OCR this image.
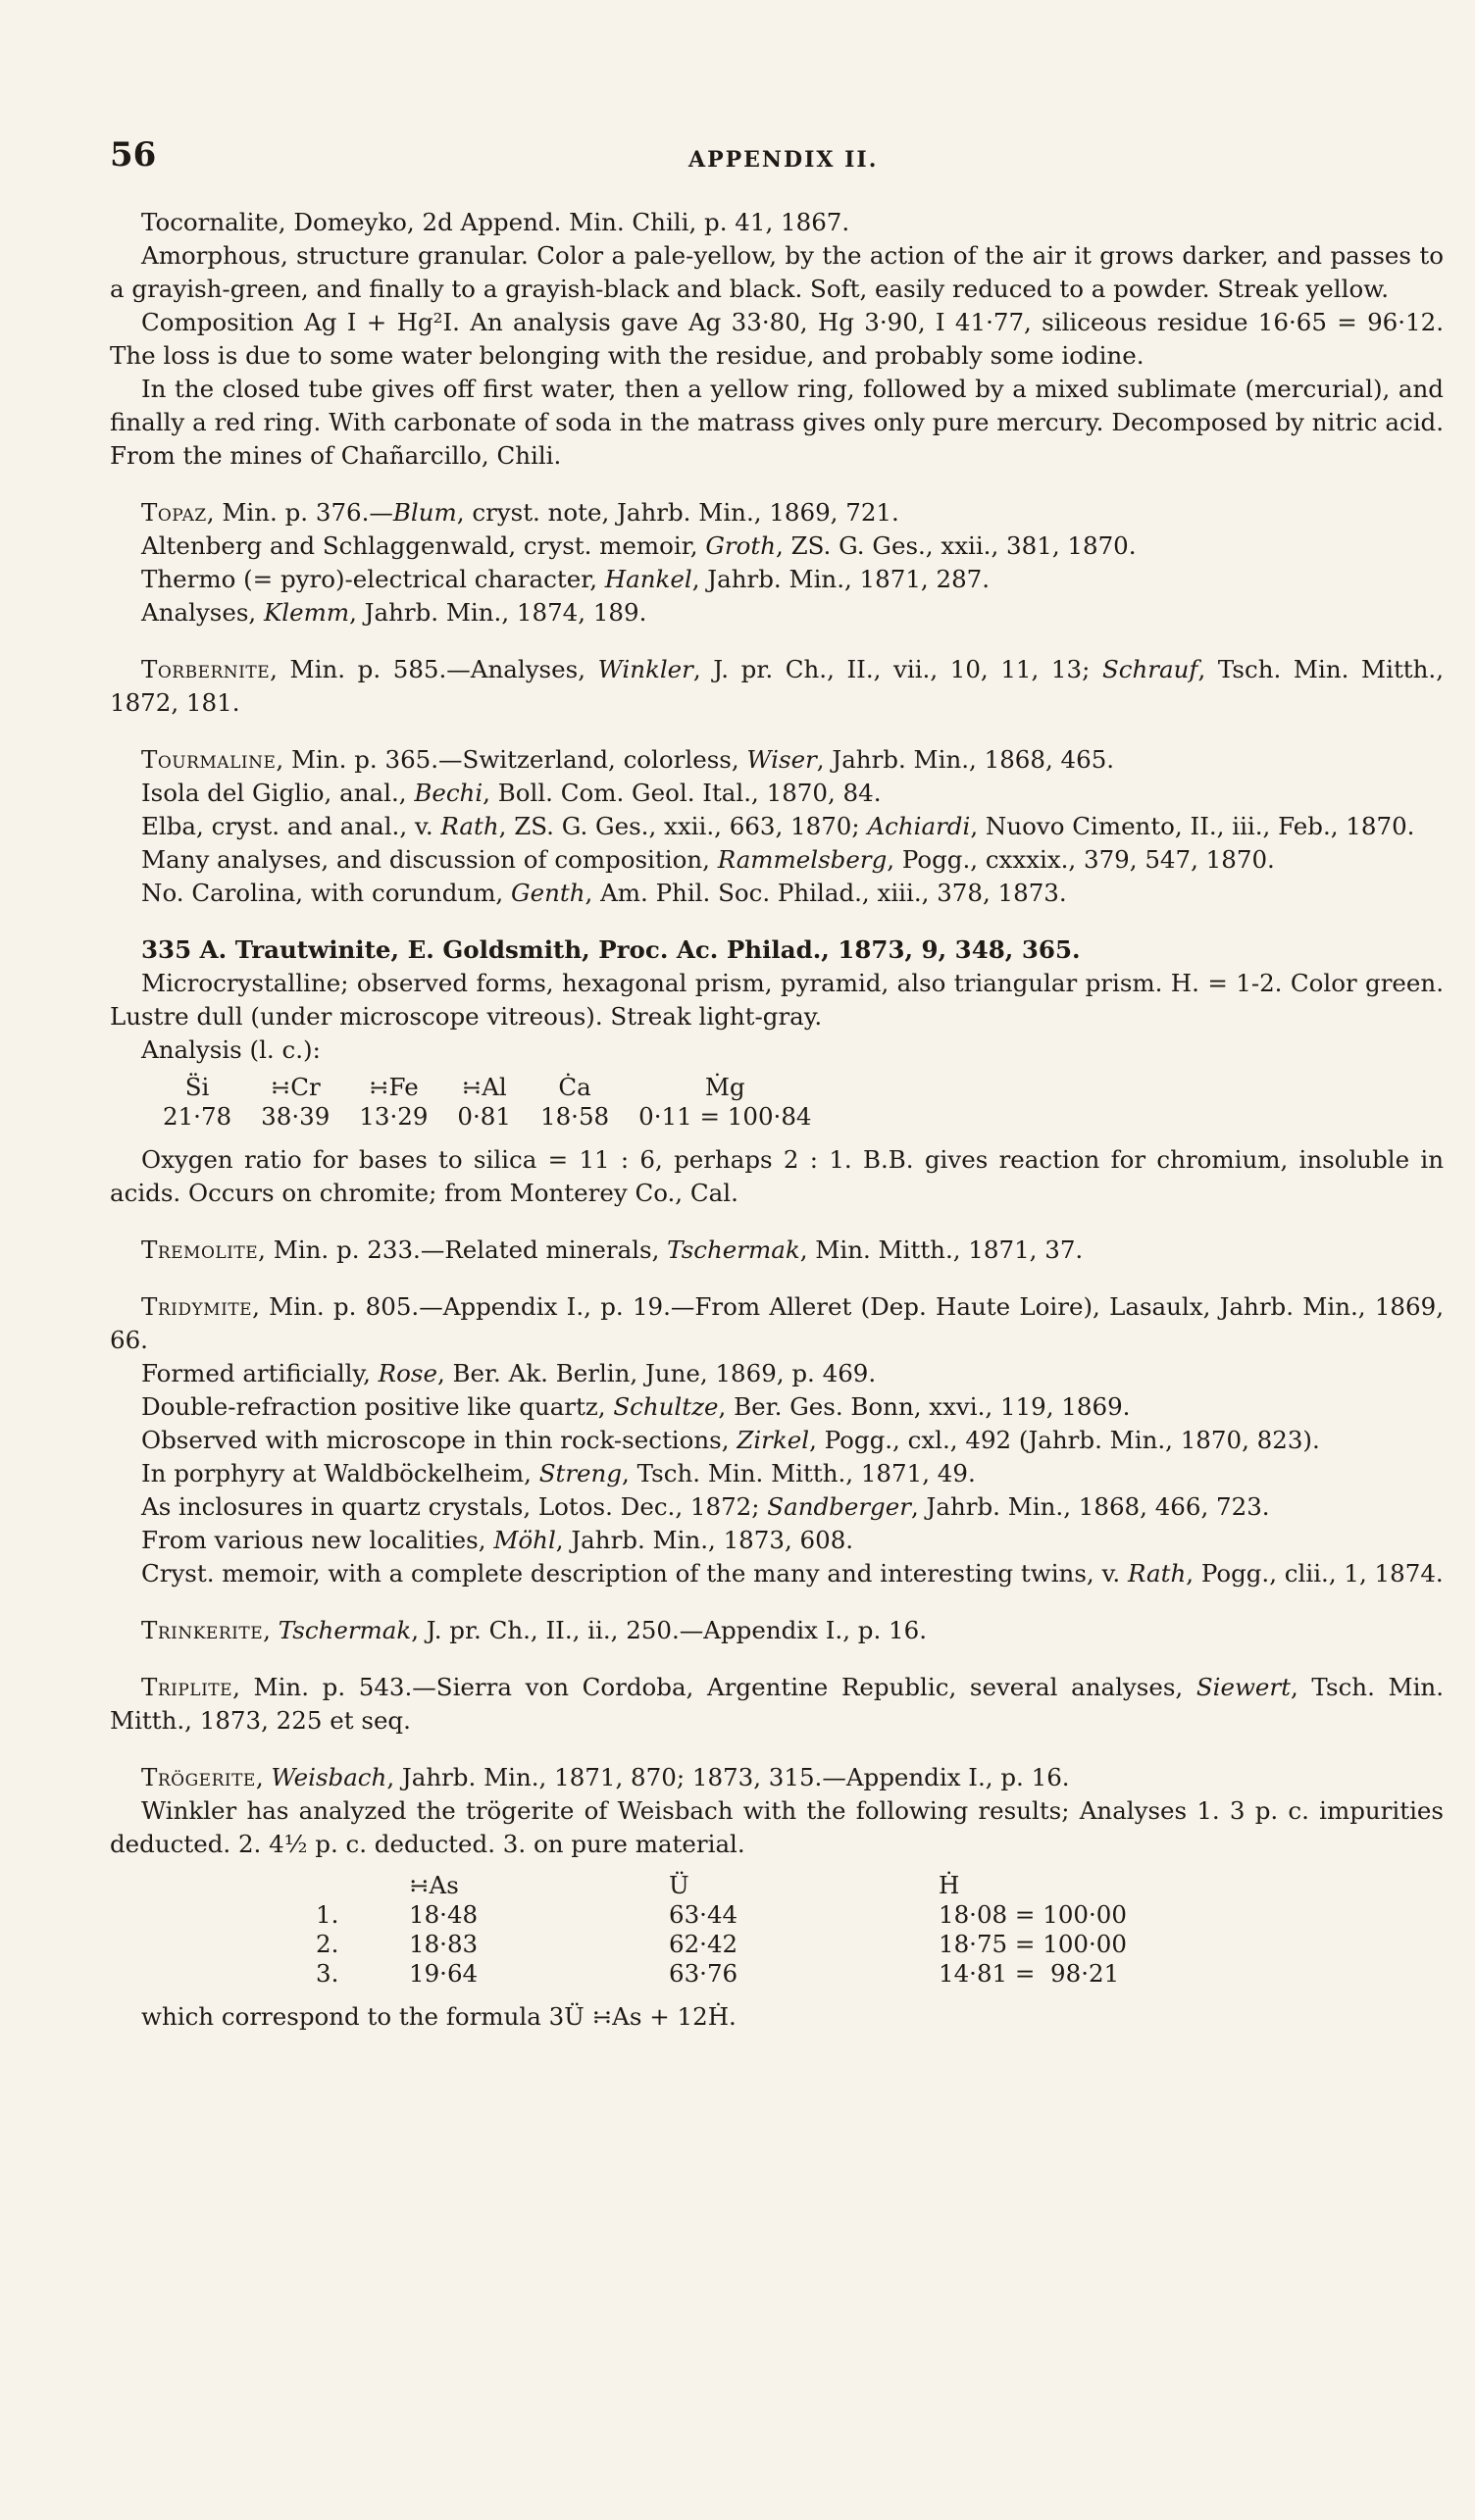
56	APPENDIX II.

Tocornalite, Domeyko, 2d Append. Min. Chili, p. 41, 1867.

Amorphous, structure granular. Color a pale-yellow, by the action of the air it grows darker, and passes to a grayish-green, and finally to a grayish-black and black. Soft, easily reduced to a powder. Streak yellow.

Composition Ag I + Hg²I. An analysis gave Ag 33·80, Hg 3·90, I 41·77, siliceous residue 16·65 = 96·12. The loss is due to some water belonging with the residue, and probably some iodine.

In the closed tube gives off first water, then a yellow ring, followed by a mixed sublimate (mercurial), and finally a red ring. With carbonate of soda in the matrass gives only pure mercury. Decomposed by nitric acid. From the mines of Chañarcillo, Chili.

Topaz, Min. p. 376.—Blum, cryst. note, Jahrb. Min., 1869, 721.

Altenberg and Schlaggenwald, cryst. memoir, Groth, ZS. G. Ges., xxii., 381, 1870.

Thermo (= pyro)-electrical character, Hankel, Jahrb. Min., 1871, 287.

Analyses, Klemm, Jahrb. Min., 1874, 189.

Torbernite, Min. p. 585.—Analyses, Winkler, J. pr. Ch., II., vii., 10, 11, 13; Schrauf, Tsch. Min. Mitth., 1872, 181.

Tourmaline, Min. p. 365.—Switzerland, colorless, Wiser, Jahrb. Min., 1868, 465.

Isola del Giglio, anal., Bechi, Boll. Com. Geol. Ital., 1870, 84.

Elba, cryst. and anal., v. Rath, ZS. G. Ges., xxii., 663, 1870; Achiardi, Nuovo Cimento, II., iii., Feb., 1870.

Many analyses, and discussion of composition, Rammelsberg, Pogg., cxxxix., 379, 547, 1870.

No. Carolina, with corundum, Genth, Am. Phil. Soc. Philad., xiii., 378, 1873.

335 A. Trautwinite, E. Goldsmith, Proc. Ac. Philad., 1873, 9, 348, 365.

Microcrystalline; observed forms, hexagonal prism, pyramid, also triangular prism. H. = 1-2. Color green. Lustre dull (under microscope vitreous). Streak light-gray.

Analysis (l. c.):

S̈i	∺Cr	∺Fe	∺Al	Ċa	Ṁg
21·78	38·39	13·29	0·81	18·58	0·11 = 100·84

Oxygen ratio for bases to silica = 11 : 6, perhaps 2 : 1. B.B. gives reaction for chromium, insoluble in acids. Occurs on chromite; from Monterey Co., Cal.

Tremolite, Min. p. 233.—Related minerals, Tschermak, Min. Mitth., 1871, 37.

Tridymite, Min. p. 805.—Appendix I., p. 19.—From Alleret (Dep. Haute Loire), Lasaulx, Jahrb. Min., 1869, 66.

Formed artificially, Rose, Ber. Ak. Berlin, June, 1869, p. 469.

Double-refraction positive like quartz, Schultze, Ber. Ges. Bonn, xxvi., 119, 1869.

Observed with microscope in thin rock-sections, Zirkel, Pogg., cxl., 492 (Jahrb. Min., 1870, 823).

In porphyry at Waldböckelheim, Streng, Tsch. Min. Mitth., 1871, 49.

As inclosures in quartz crystals, Lotos. Dec., 1872; Sandberger, Jahrb. Min., 1868, 466, 723.

From various new localities, Möhl, Jahrb. Min., 1873, 608.

Cryst. memoir, with a complete description of the many and interesting twins, v. Rath, Pogg., clii., 1, 1874.

Trinkerite, Tschermak, J. pr. Ch., II., ii., 250.—Appendix I., p. 16.

Triplite, Min. p. 543.—Sierra von Cordoba, Argentine Republic, several analyses, Siewert, Tsch. Min. Mitth., 1873, 225 et seq.

Trögerite, Weisbach, Jahrb. Min., 1871, 870; 1873, 315.—Appendix I., p. 16.

Winkler has analyzed the trögerite of Weisbach with the following results; Analyses 1. 3 p. c. impurities deducted. 2. 4½ p. c. deducted. 3. on pure material.

	∺As	Ü	Ḣ
1.	18·48	63·44	18·08 = 100·00
2.	18·83	62·42	18·75 = 100·00
3.	19·64	63·76	14·81 =  98·21

which correspond to the formula 3Ü ∺As + 12Ḣ.
